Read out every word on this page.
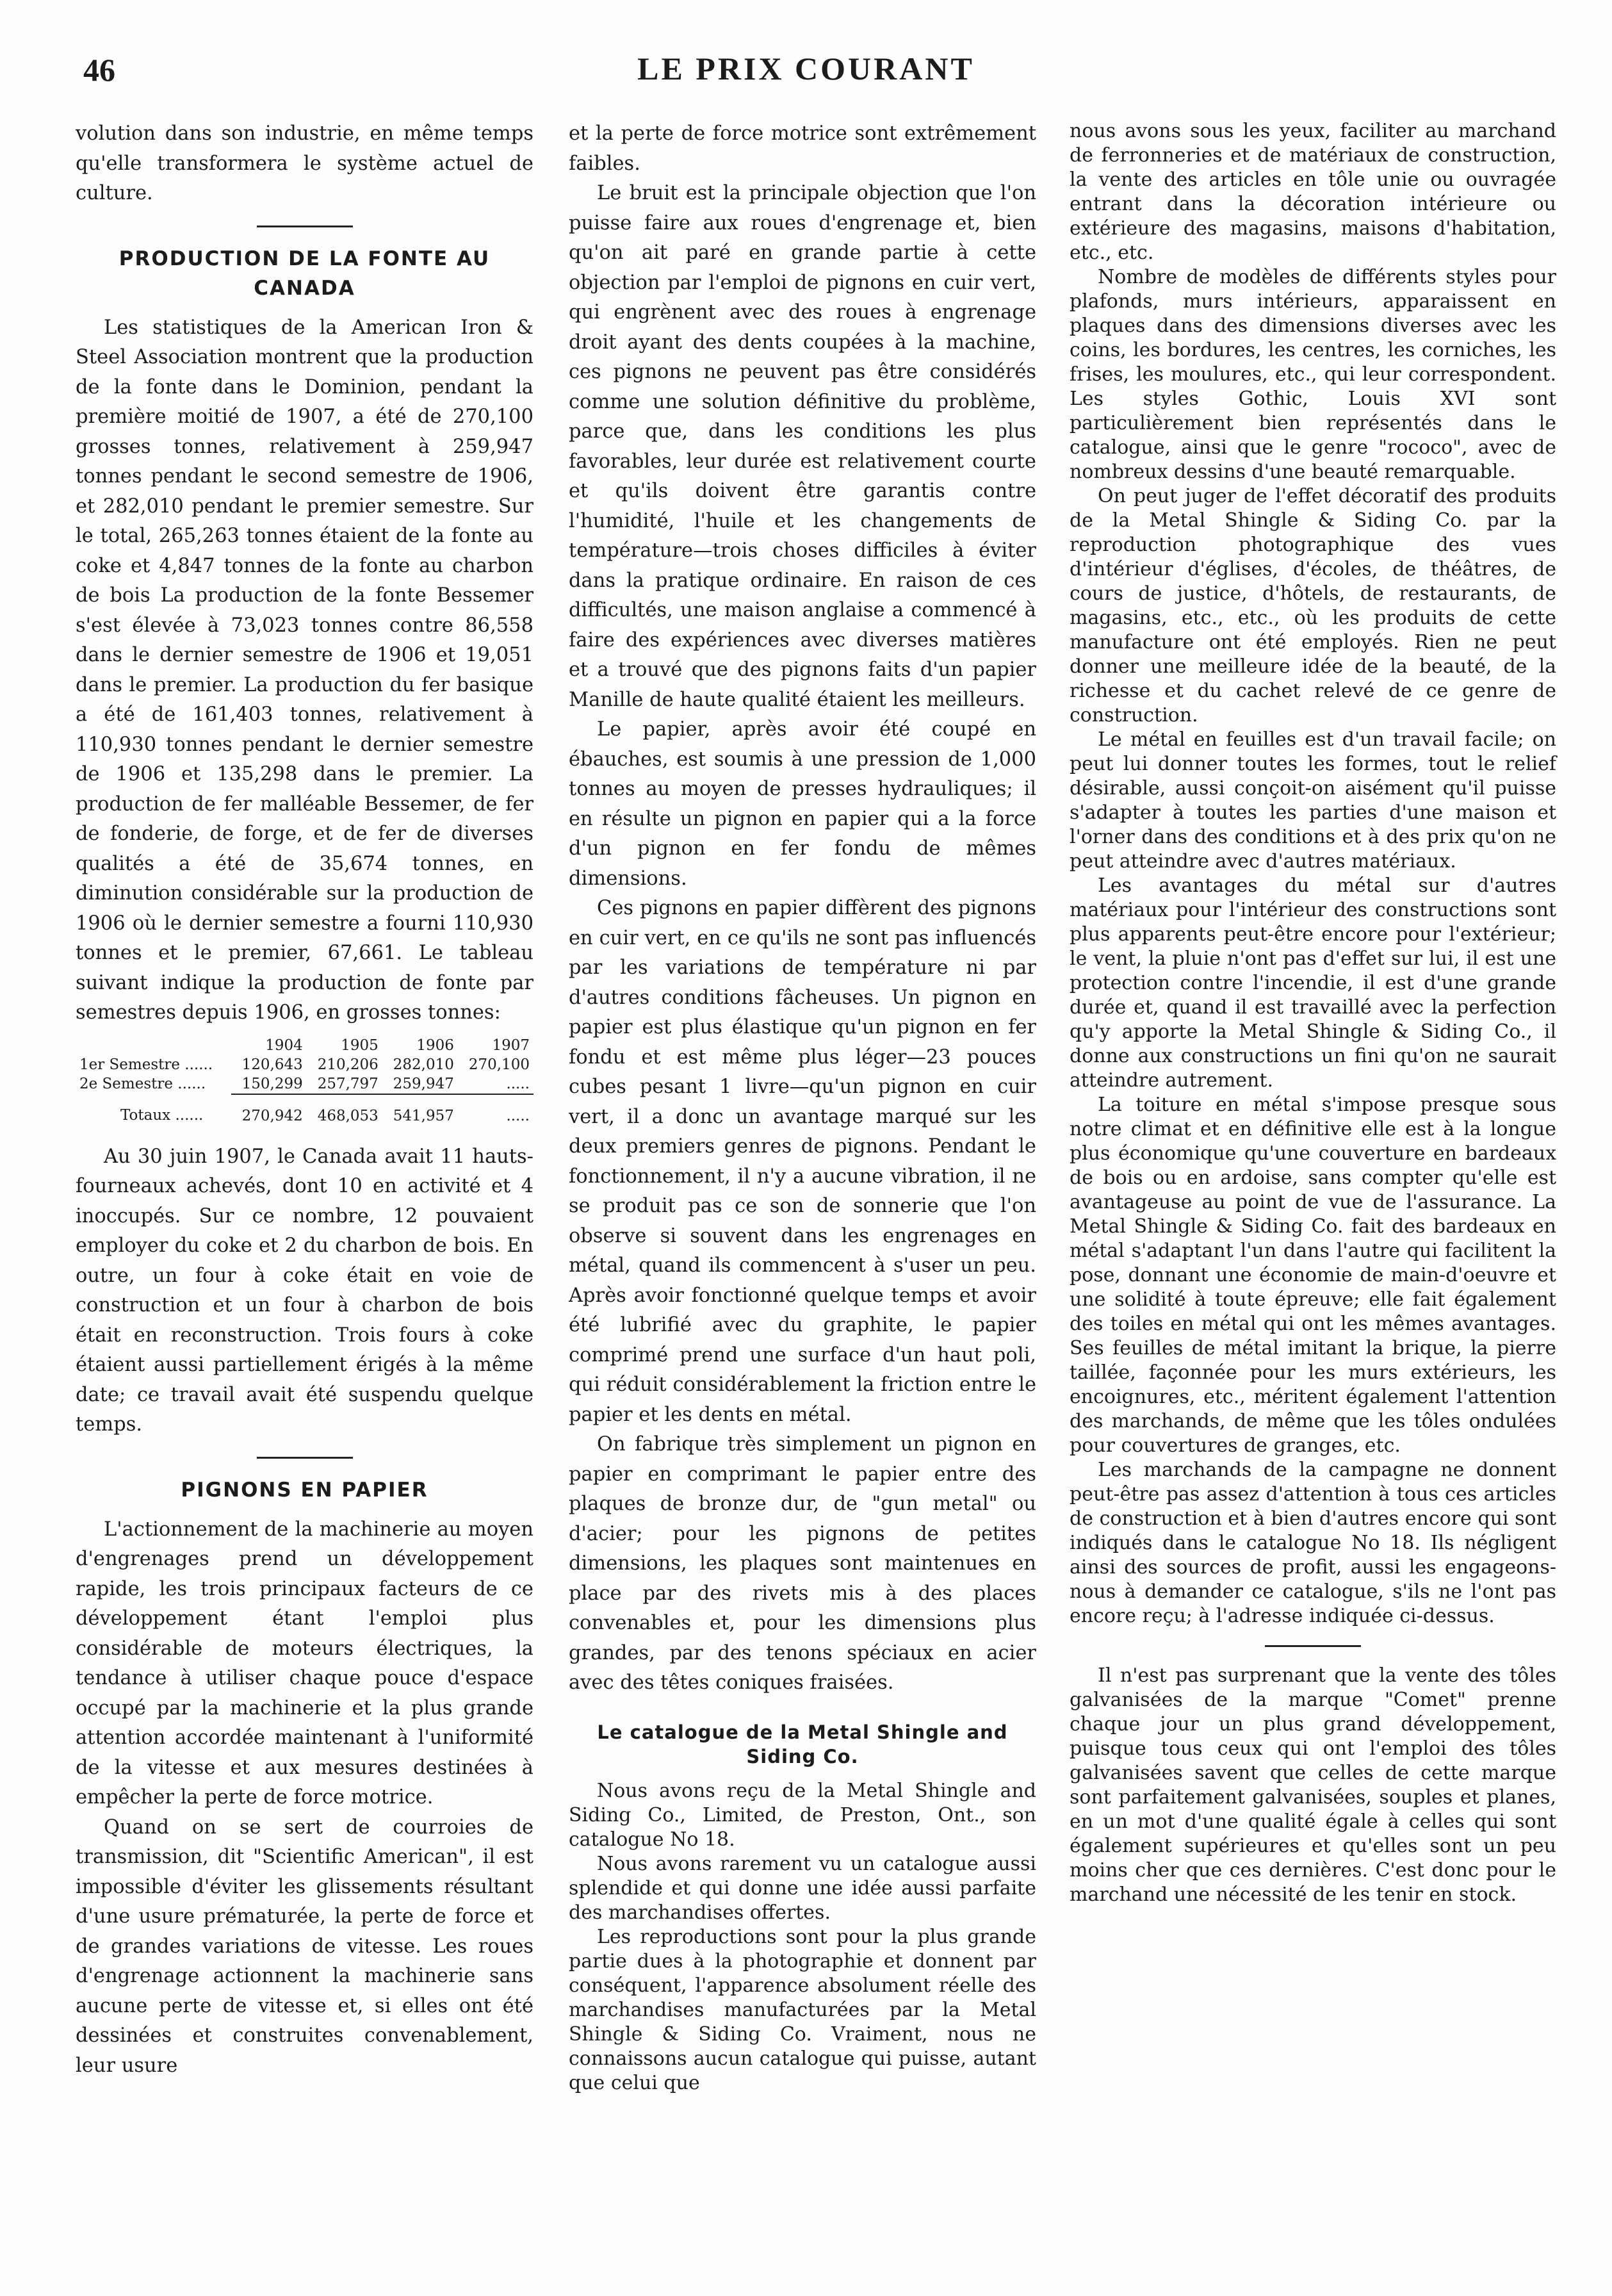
46	LE PRIX COURANT

volution dans son industrie, en même temps qu'elle transformera le système actuel de culture.

PRODUCTION DE LA FONTE AU CANADA

Les statistiques de la American Iron & Steel Association montrent que la production de la fonte dans le Dominion, pendant la première moitié de 1907, a été de 270,100 grosses tonnes, relativement à 259,947 tonnes pendant le second semestre de 1906, et 282,010 pendant le premier semestre. Sur le total, 265,263 tonnes étaient de la fonte au coke et 4,847 tonnes de la fonte au charbon de bois La production de la fonte Bessemer s'est élevée à 73,023 tonnes contre 86,558 dans le dernier semestre de 1906 et 19,051 dans le premier. La production du fer basique a été de 161,403 tonnes, relativement à 110,930 tonnes pendant le dernier semestre de 1906 et 135,298 dans le premier. La production de fer malléable Bessemer, de fer de fonderie, de forge, et de fer de diverses qualités a été de 35,674 tonnes, en diminution considérable sur la production de 1906 où le dernier semestre a fourni 110,930 tonnes et le premier, 67,661. Le tableau suivant indique la production de fonte par semestres depuis 1906, en grosses tonnes:

	1904	1905	1906	1907
1er Semestre ......	120,643	210,206	282,010	270,100
2e Semestre ......	150,299	257,797	259,947	.....
Totaux ......	270,942	468,053	541,957	.....

Au 30 juin 1907, le Canada avait 11 hauts-fourneaux achevés, dont 10 en activité et 4 inoccupés. Sur ce nombre, 12 pouvaient employer du coke et 2 du charbon de bois. En outre, un four à coke était en voie de construction et un four à charbon de bois était en reconstruction. Trois fours à coke étaient aussi partiellement érigés à la même date; ce travail avait été suspendu quelque temps.

PIGNONS EN PAPIER

L'actionnement de la machinerie au moyen d'engrenages prend un développement rapide, les trois principaux facteurs de ce développement étant l'emploi plus considérable de moteurs électriques, la tendance à utiliser chaque pouce d'espace occupé par la machinerie et la plus grande attention accordée maintenant à l'uniformité de la vitesse et aux mesures destinées à empêcher la perte de force motrice.

Quand on se sert de courroies de transmission, dit "Scientific American", il est impossible d'éviter les glissements résultant d'une usure prématurée, la perte de force et de grandes variations de vitesse. Les roues d'engrenage actionnent la machinerie sans aucune perte de vitesse et, si elles ont été dessinées et construites convenablement, leur usure

et la perte de force motrice sont extrêmement faibles.

Le bruit est la principale objection que l'on puisse faire aux roues d'engrenage et, bien qu'on ait paré en grande partie à cette objection par l'emploi de pignons en cuir vert, qui engrènent avec des roues à engrenage droit ayant des dents coupées à la machine, ces pignons ne peuvent pas être considérés comme une solution définitive du problème, parce que, dans les conditions les plus favorables, leur durée est relativement courte et qu'ils doivent être garantis contre l'humidité, l'huile et les changements de température—trois choses difficiles à éviter dans la pratique ordinaire. En raison de ces difficultés, une maison anglaise a commencé à faire des expériences avec diverses matières et a trouvé que des pignons faits d'un papier Manille de haute qualité étaient les meilleurs.

Le papier, après avoir été coupé en ébauches, est soumis à une pression de 1,000 tonnes au moyen de presses hydrauliques; il en résulte un pignon en papier qui a la force d'un pignon en fer fondu de mêmes dimensions.

Ces pignons en papier diffèrent des pignons en cuir vert, en ce qu'ils ne sont pas influencés par les variations de température ni par d'autres conditions fâcheuses. Un pignon en papier est plus élastique qu'un pignon en fer fondu et est même plus léger—23 pouces cubes pesant 1 livre—qu'un pignon en cuir vert, il a donc un avantage marqué sur les deux premiers genres de pignons. Pendant le fonctionnement, il n'y a aucune vibration, il ne se produit pas ce son de sonnerie que l'on observe si souvent dans les engrenages en métal, quand ils commencent à s'user un peu. Après avoir fonctionné quelque temps et avoir été lubrifié avec du graphite, le papier comprimé prend une surface d'un haut poli, qui réduit considérablement la friction entre le papier et les dents en métal.

On fabrique très simplement un pignon en papier en comprimant le papier entre des plaques de bronze dur, de "gun metal" ou d'acier; pour les pignons de petites dimensions, les plaques sont maintenues en place par des rivets mis à des places convenables et, pour les dimensions plus grandes, par des tenons spéciaux en acier avec des têtes coniques fraisées.

Le catalogue de la Metal Shingle and Siding Co.

Nous avons reçu de la Metal Shingle and Siding Co., Limited, de Preston, Ont., son catalogue No 18.

Nous avons rarement vu un catalogue aussi splendide et qui donne une idée aussi parfaite des marchandises offertes.

Les reproductions sont pour la plus grande partie dues à la photographie et donnent par conséquent, l'apparence absolument réelle des marchandises manufacturées par la Metal Shingle & Siding Co. Vraiment, nous ne connaissons aucun catalogue qui puisse, autant que celui que

nous avons sous les yeux, faciliter au marchand de ferronneries et de matériaux de construction, la vente des articles en tôle unie ou ouvragée entrant dans la décoration intérieure ou extérieure des magasins, maisons d'habitation, etc., etc.

Nombre de modèles de différents styles pour plafonds, murs intérieurs, apparaissent en plaques dans des dimensions diverses avec les coins, les bordures, les centres, les corniches, les frises, les moulures, etc., qui leur correspondent. Les styles Gothic, Louis XVI sont particulièrement bien représentés dans le catalogue, ainsi que le genre "rococo", avec de nombreux dessins d'une beauté remarquable.

On peut juger de l'effet décoratif des produits de la Metal Shingle & Siding Co. par la reproduction photographique des vues d'intérieur d'églises, d'écoles, de théâtres, de cours de justice, d'hôtels, de restaurants, de magasins, etc., etc., où les produits de cette manufacture ont été employés. Rien ne peut donner une meilleure idée de la beauté, de la richesse et du cachet relevé de ce genre de construction.

Le métal en feuilles est d'un travail facile; on peut lui donner toutes les formes, tout le relief désirable, aussi conçoit-on aisément qu'il puisse s'adapter à toutes les parties d'une maison et l'orner dans des conditions et à des prix qu'on ne peut atteindre avec d'autres matériaux.

Les avantages du métal sur d'autres matériaux pour l'intérieur des constructions sont plus apparents peut-être encore pour l'extérieur; le vent, la pluie n'ont pas d'effet sur lui, il est une protection contre l'incendie, il est d'une grande durée et, quand il est travaillé avec la perfection qu'y apporte la Metal Shingle & Siding Co., il donne aux constructions un fini qu'on ne saurait atteindre autrement.

La toiture en métal s'impose presque sous notre climat et en définitive elle est à la longue plus économique qu'une couverture en bardeaux de bois ou en ardoise, sans compter qu'elle est avantageuse au point de vue de l'assurance. La Metal Shingle & Siding Co. fait des bardeaux en métal s'adaptant l'un dans l'autre qui facilitent la pose, donnant une économie de main-d'oeuvre et une solidité à toute épreuve; elle fait également des toiles en métal qui ont les mêmes avantages. Ses feuilles de métal imitant la brique, la pierre taillée, façonnée pour les murs extérieurs, les encoignures, etc., méritent également l'attention des marchands, de même que les tôles ondulées pour couvertures de granges, etc.

Les marchands de la campagne ne donnent peut-être pas assez d'attention à tous ces articles de construction et à bien d'autres encore qui sont indiqués dans le catalogue No 18. Ils négligent ainsi des sources de profit, aussi les engageons-nous à demander ce catalogue, s'ils ne l'ont pas encore reçu; à l'adresse indiquée ci-dessus.

Il n'est pas surprenant que la vente des tôles galvanisées de la marque "Comet" prenne chaque jour un plus grand développement, puisque tous ceux qui ont l'emploi des tôles galvanisées savent que celles de cette marque sont parfaitement galvanisées, souples et planes, en un mot d'une qualité égale à celles qui sont également supérieures et qu'elles sont un peu moins cher que ces dernières. C'est donc pour le marchand une nécessité de les tenir en stock.
